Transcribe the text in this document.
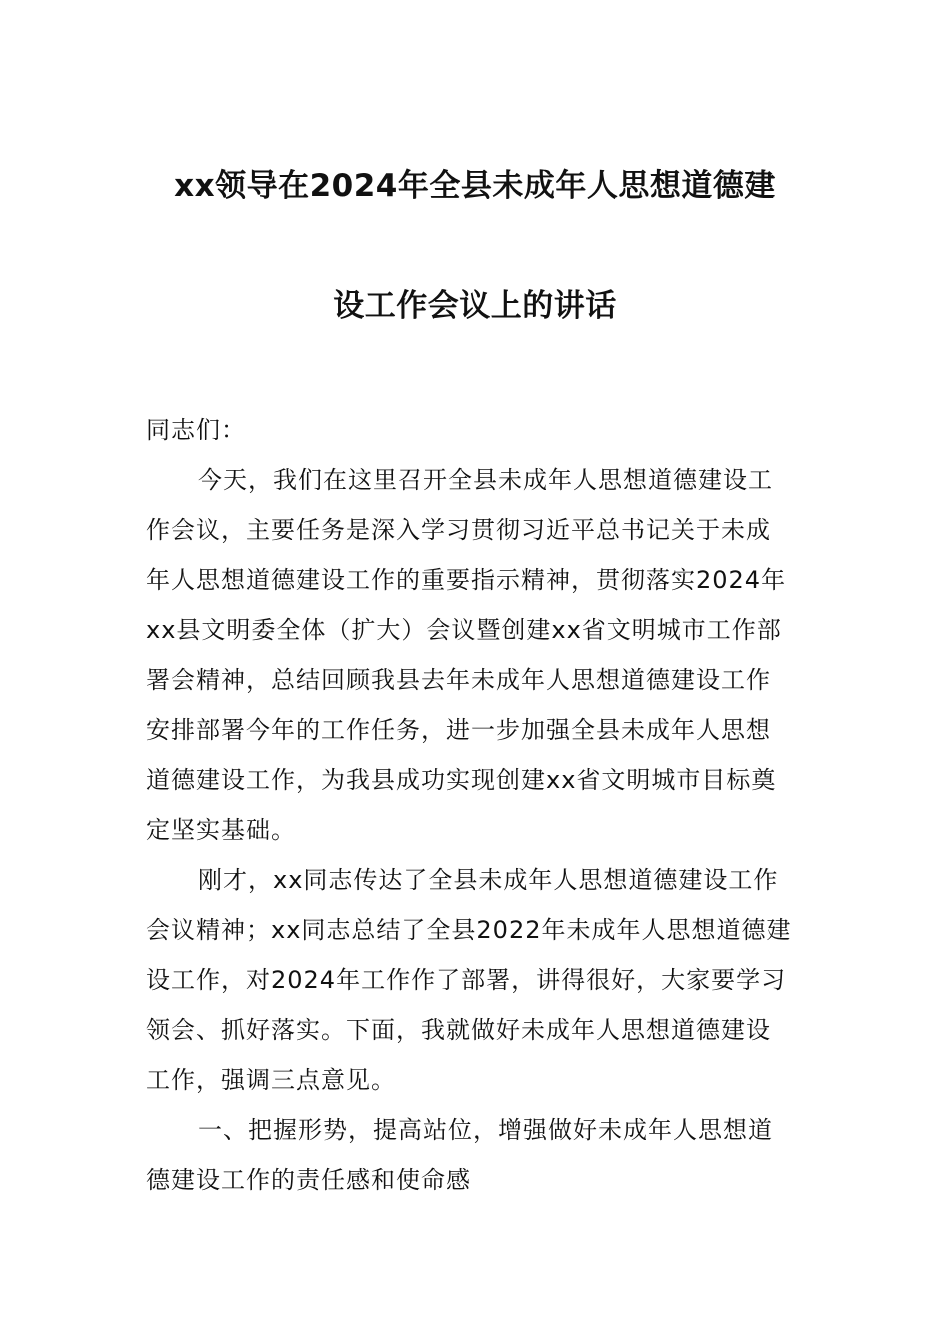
xx领导在2024年全县未成年人思想道德建
设工作会议上的讲话
同志们：
今天，我们在这里召开全县未成年人思想道德建设工
作会议，主要任务是深入学习贯彻习近平总书记关于未成
年人思想道德建设工作的重要指示精神，贯彻落实2024年
xx县文明委全体（扩大）会议暨创建xx省文明城市工作部
署会精神，总结回顾我县去年未成年人思想道德建设工作
安排部署今年的工作任务，进一步加强全县未成年人思想
道德建设工作，为我县成功实现创建xx省文明城市目标奠
定坚实基础。
刚才，xx同志传达了全县未成年人思想道德建设工作
会议精神；xx同志总结了全县2022年未成年人思想道德建
设工作，对2024年工作作了部署，讲得很好，大家要学习
领会、抓好落实。下面，我就做好未成年人思想道德建设
工作，强调三点意见。
一、把握形势，提高站位，增强做好未成年人思想道
德建设工作的责任感和使命感
